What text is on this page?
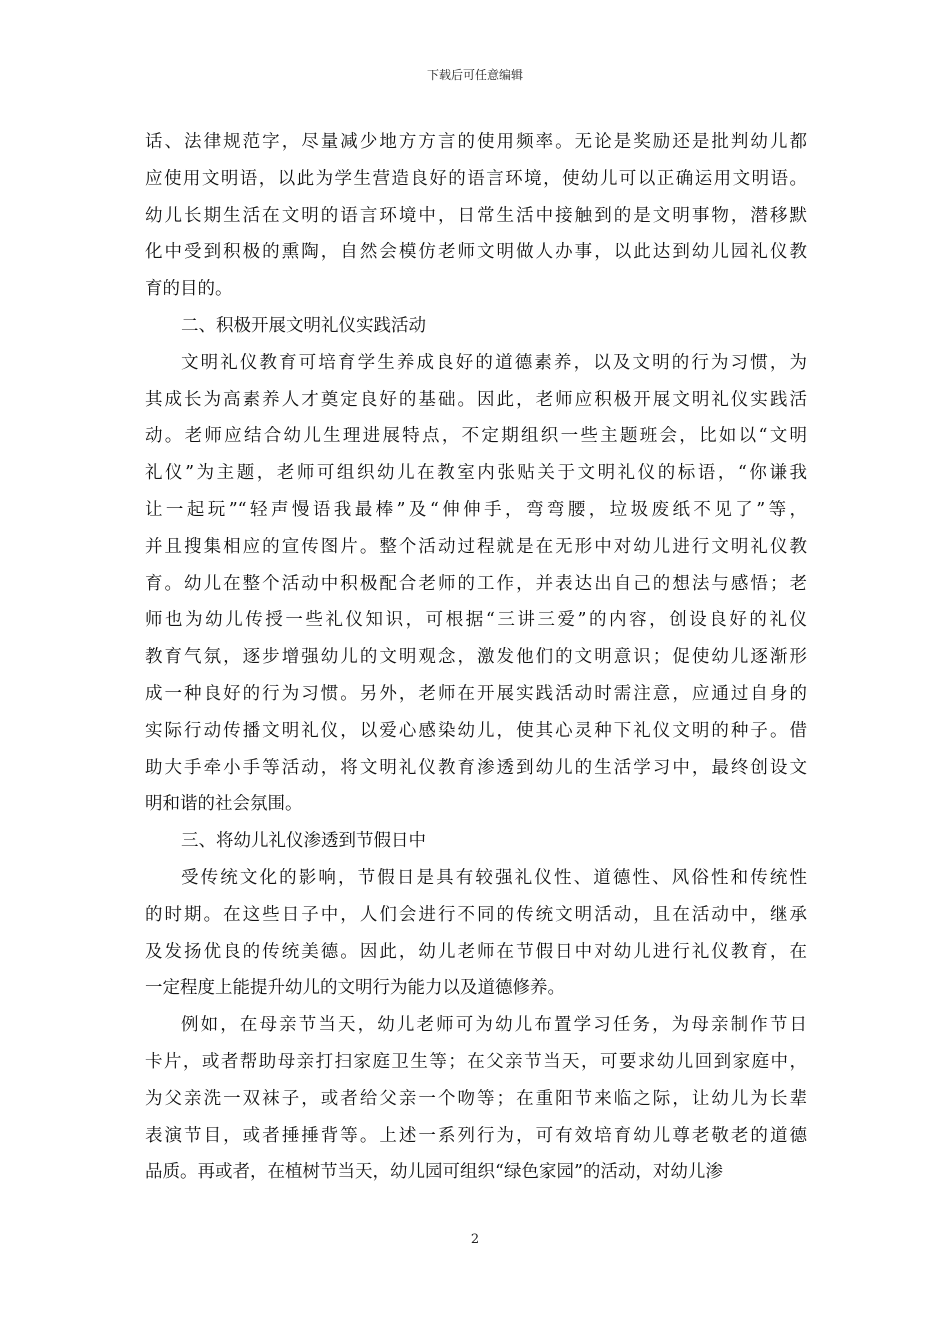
下载后可任意编辑
话、法律规范字，尽量减少地方方言的使用频率。无论是奖励还是批判幼儿都
应使用文明语，以此为学生营造良好的语言环境，使幼儿可以正确运用文明语。
幼儿长期生活在文明的语言环境中，日常生活中接触到的是文明事物，潜移默
化中受到积极的熏陶，自然会模仿老师文明做人办事，以此达到幼儿园礼仪教
育的目的。
二、积极开展文明礼仪实践活动
文明礼仪教育可培育学生养成良好的道德素养，以及文明的行为习惯，为
其成长为高素养人才奠定良好的基础。因此，老师应积极开展文明礼仪实践活
动。老师应结合幼儿生理进展特点，不定期组织一些主题班会，比如以“文明
礼仪”为主题，老师可组织幼儿在教室内张贴关于文明礼仪的标语，“你谦我
让一起玩”“轻声慢语我最棒”及“伸伸手，弯弯腰，垃圾废纸不见了”等，
并且搜集相应的宣传图片。整个活动过程就是在无形中对幼儿进行文明礼仪教
育。幼儿在整个活动中积极配合老师的工作，并表达出自己的想法与感悟；老
师也为幼儿传授一些礼仪知识，可根据“三讲三爱”的内容，创设良好的礼仪
教育气氛，逐步增强幼儿的文明观念，激发他们的文明意识；促使幼儿逐渐形
成一种良好的行为习惯。另外，老师在开展实践活动时需注意，应通过自身的
实际行动传播文明礼仪，以爱心感染幼儿，使其心灵种下礼仪文明的种子。借
助大手牵小手等活动，将文明礼仪教育渗透到幼儿的生活学习中，最终创设文
明和谐的社会氛围。
三、将幼儿礼仪渗透到节假日中
受传统文化的影响，节假日是具有较强礼仪性、道德性、风俗性和传统性
的时期。在这些日子中，人们会进行不同的传统文明活动，且在活动中，继承
及发扬优良的传统美德。因此，幼儿老师在节假日中对幼儿进行礼仪教育，在
一定程度上能提升幼儿的文明行为能力以及道德修养。
例如，在母亲节当天，幼儿老师可为幼儿布置学习任务，为母亲制作节日
卡片，或者帮助母亲打扫家庭卫生等；在父亲节当天，可要求幼儿回到家庭中，
为父亲洗一双袜子，或者给父亲一个吻等；在重阳节来临之际，让幼儿为长辈
表演节目，或者捶捶背等。上述一系列行为，可有效培育幼儿尊老敬老的道德
品质。再或者，在植树节当天，幼儿园可组织“绿色家园”的活动，对幼儿渗
2
